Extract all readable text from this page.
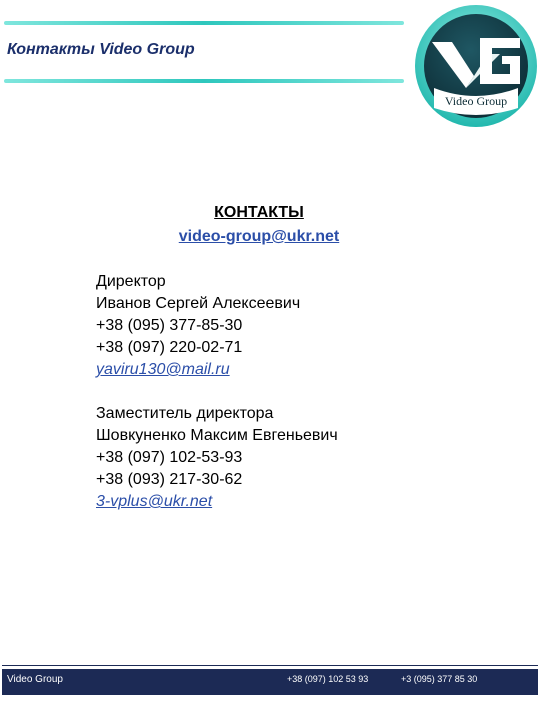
Контакты Video Group
Video Group
КОНТАКТЫ
video-group@ukr.net
Директор
Иванов Сергей Алексеевич
+38 (095) 377-85-30
+38 (097) 220-02-71
yaviru130@mail.ru
Заместитель директора
Шовкуненко Максим Евгеньевич
+38 (097) 102-53-93
+38 (093) 217-30-62
3-vplus@ukr.net
Video Group	+38 (097) 102 53 93	+3 (095) 377 85 30
